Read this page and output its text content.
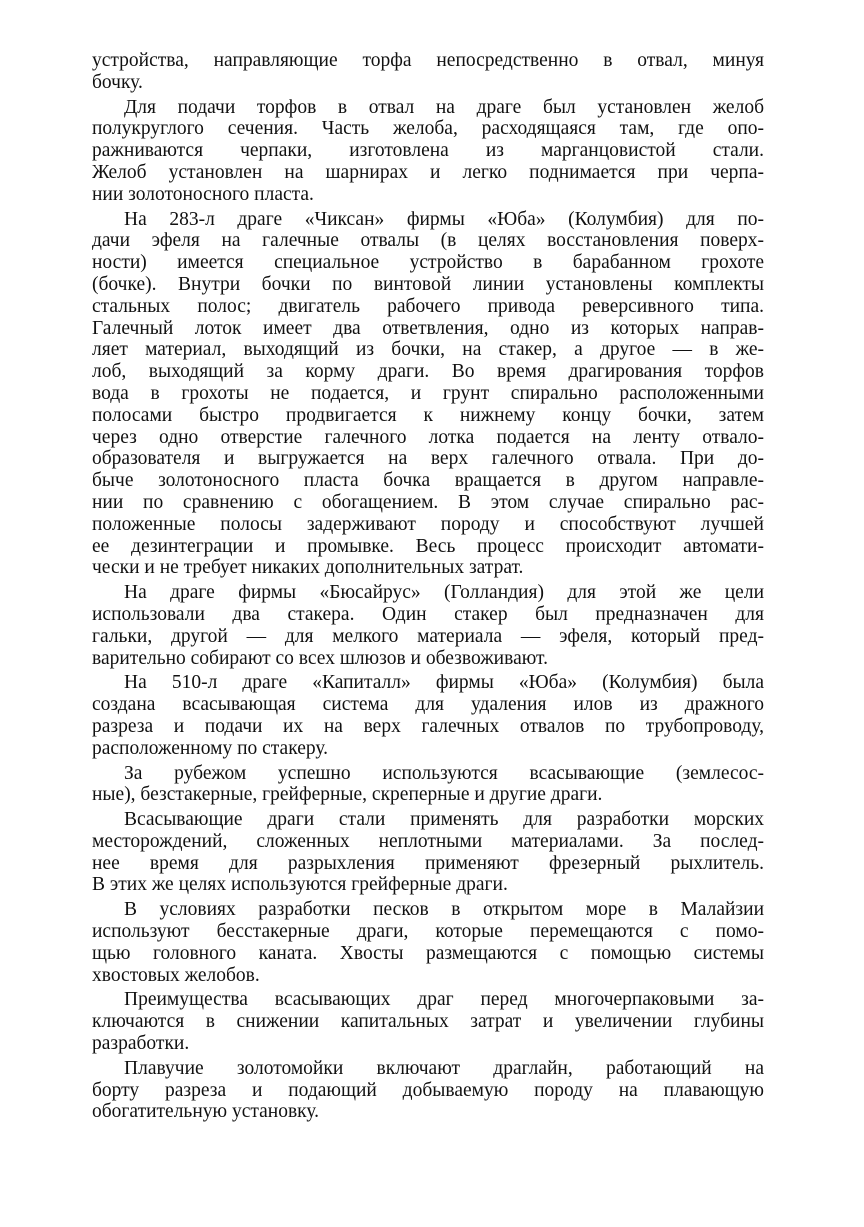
устройства, направляющие торфа непосредственно в отвал, минуя
бочку.
Для подачи торфов в отвал на драге был установлен желоб
полукруглого сечения. Часть желоба, расходящаяся там, где опо-
ражниваются черпаки, изготовлена из марганцовистой стали.
Желоб установлен на шарнирах и легко поднимается при черпа-
нии золотоносного пласта.
На 283-л драге «Чиксан» фирмы «Юба» (Колумбия) для по-
дачи эфеля на галечные отвалы (в целях восстановления поверх-
ности) имеется специальное устройство в барабанном грохоте
(бочке). Внутри бочки по винтовой линии установлены комплекты
стальных полос; двигатель рабочего привода реверсивного типа.
Галечный лоток имеет два ответвления, одно из которых направ-
ляет материал, выходящий из бочки, на стакер, а другое — в же-
лоб, выходящий за корму драги. Во время драгирования торфов
вода в грохоты не подается, и грунт спирально расположенными
полосами быстро продвигается к нижнему концу бочки, затем
через одно отверстие галечного лотка подается на ленту отвало-
образователя и выгружается на верх галечного отвала. При до-
быче золотоносного пласта бочка вращается в другом направле-
нии по сравнению с обогащением. В этом случае спирально рас-
положенные полосы задерживают породу и способствуют лучшей
ее дезинтеграции и промывке. Весь процесс происходит автомати-
чески и не требует никаких дополнительных затрат.
На драге фирмы «Бюсайрус» (Голландия) для этой же цели
использовали два стакера. Один стакер был предназначен для
гальки, другой — для мелкого материала — эфеля, который пред-
варительно собирают со всех шлюзов и обезвоживают.
На 510-л драге «Капиталл» фирмы «Юба» (Колумбия) была
создана всасывающая система для удаления илов из дражного
разреза и подачи их на верх галечных отвалов по трубопроводу,
расположенному по стакеру.
За рубежом успешно используются всасывающие (землесос-
ные), безстакерные, грейферные, скреперные и другие драги.
Всасывающие драги стали применять для разработки морских
месторождений, сложенных неплотными материалами. За послед-
нее время для разрыхления применяют фрезерный рыхлитель.
В этих же целях используются грейферные драги.
В условиях разработки песков в открытом море в Малайзии
используют бесстакерные драги, которые перемещаются с помо-
щью головного каната. Хвосты размещаются с помощью системы
хвостовых желобов.
Преимущества всасывающих драг перед многочерпаковыми за-
ключаются в снижении капитальных затрат и увеличении глубины
разработки.
Плавучие золотомойки включают драглайн, работающий на
борту разреза и подающий добываемую породу на плавающую
обогатительную установку.
